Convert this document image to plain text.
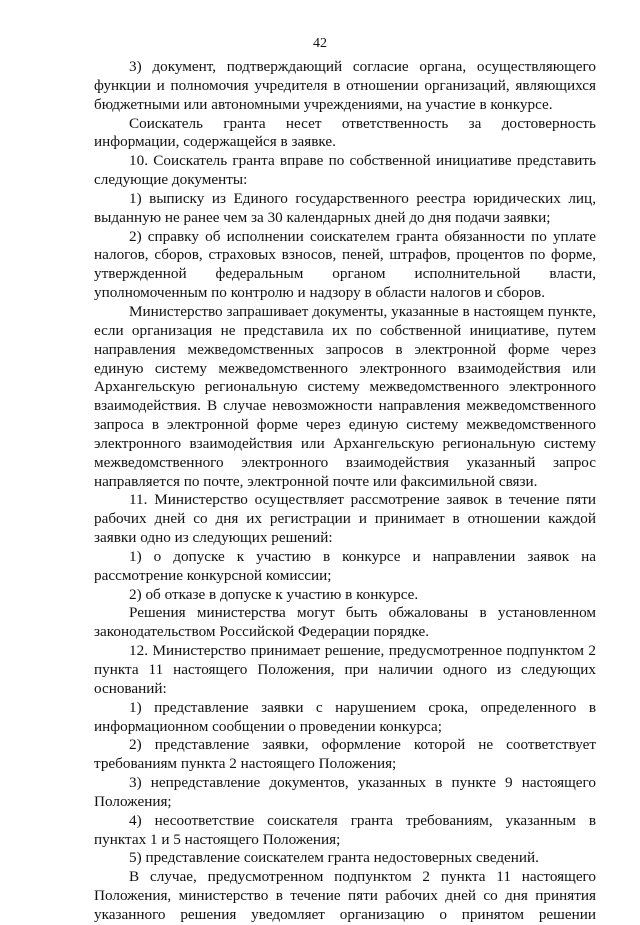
42

3) документ, подтверждающий согласие органа, осуществляющего функции и полномочия учредителя в отношении организаций, являющихся бюджетными или автономными учреждениями, на участие в конкурсе.

Соискатель гранта несет ответственность за достоверность информации, содержащейся в заявке.

10. Соискатель гранта вправе по собственной инициативе представить следующие документы:

1) выписку из Единого государственного реестра юридических лиц, выданную не ранее чем за 30 календарных дней до дня подачи заявки;

2) справку об исполнении соискателем гранта обязанности по уплате налогов, сборов, страховых взносов, пеней, штрафов, процентов по форме, утвержденной федеральным органом исполнительной власти, уполномоченным по контролю и надзору в области налогов и сборов.

Министерство запрашивает документы, указанные в настоящем пункте, если организация не представила их по собственной инициативе, путем направления межведомственных запросов в электронной форме через единую систему межведомственного электронного взаимодействия или Архангельскую региональную систему межведомственного электронного взаимодействия. В случае невозможности направления межведомственного запроса в электронной форме через единую систему межведомственного электронного взаимодействия или Архангельскую региональную систему межведомственного электронного взаимодействия указанный запрос направляется по почте, электронной почте или факсимильной связи.

11. Министерство осуществляет рассмотрение заявок в течение пяти рабочих дней со дня их регистрации и принимает в отношении каждой заявки одно из следующих решений:

1) о допуске к участию в конкурсе и направлении заявок на рассмотрение конкурсной комиссии;

2) об отказе в допуске к участию в конкурсе.

Решения министерства могут быть обжалованы в установленном законодательством Российской Федерации порядке.

12. Министерство принимает решение, предусмотренное подпунктом 2 пункта 11 настоящего Положения, при наличии одного из следующих оснований:

1) представление заявки с нарушением срока, определенного в информационном сообщении о проведении конкурса;

2) представление заявки, оформление которой не соответствует требованиям пункта 2 настоящего Положения;

3) непредставление документов, указанных в пункте 9 настоящего Положения;

4) несоответствие соискателя гранта требованиям, указанным в пунктах 1 и 5 настоящего Положения;

5) представление соискателем гранта недостоверных сведений.

В случае, предусмотренном подпунктом 2 пункта 11 настоящего Положения, министерство в течение пяти рабочих дней со дня принятия указанного решения уведомляет организацию о принятом решении
